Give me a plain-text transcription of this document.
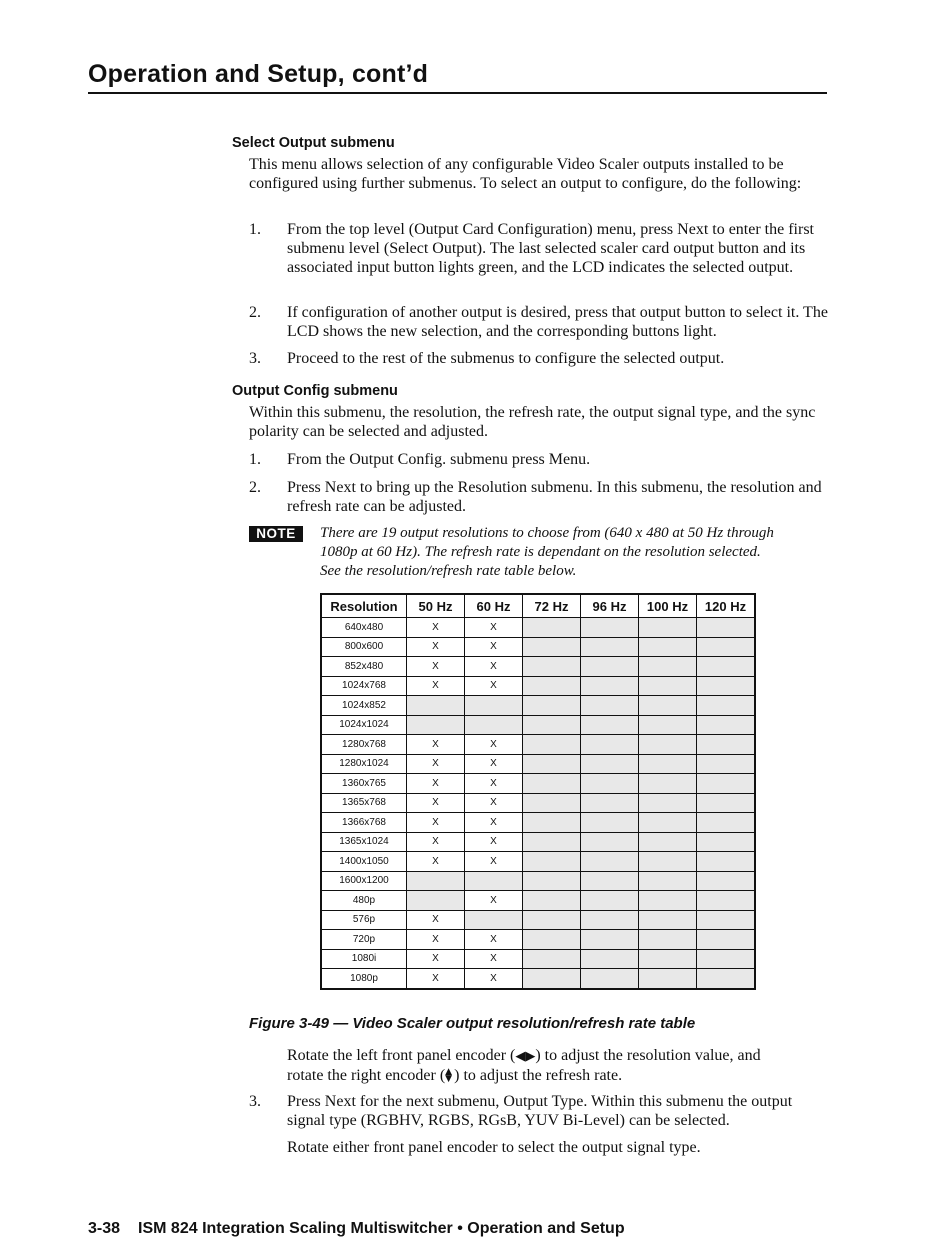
Operation and Setup, cont’d
Select Output submenu
This menu allows selection of any configurable Video Scaler outputs installed to be configured using further submenus. To select an output to configure, do the following:
1.	From the top level (Output Card Configuration) menu, press Next to enter the first submenu level (Select Output). The last selected scaler card output button and its associated input button lights green, and the LCD indicates the selected output.
2.	If configuration of another output is desired, press that output button to select it. The LCD shows the new selection, and the corresponding buttons light.
3.	Proceed to the rest of the submenus to configure the selected output.
Output Config submenu
Within this submenu, the resolution, the refresh rate, the output signal type, and the sync polarity can be selected and adjusted.
1.	From the Output Config. submenu press Menu.
2.	Press Next to bring up the Resolution submenu. In this submenu, the resolution and refresh rate can be adjusted.
NOTE	There are 19 output resolutions to choose from (640 x 480 at 50 Hz through
1080p at 60 Hz). The refresh rate is dependant on the resolution selected.
See the resolution/refresh rate table below.
Resolution	50 Hz	60 Hz	72 Hz	96 Hz	100 Hz	120 Hz
640x480	X	X				
800x600	X	X				
852x480	X	X				
1024x768	X	X				
1024x852						
1024x1024						
1280x768	X	X				
1280x1024	X	X				
1360x765	X	X				
1365x768	X	X				
1366x768	X	X				
1365x1024	X	X				
1400x1050	X	X				
1600x1200						
480p		X				
576p	X					
720p	X	X				
1080i	X	X				
1080p	X	X				
Figure 3-49 — Video Scaler output resolution/refresh rate table
Rotate the left front panel encoder (◀▶) to adjust the resolution value, and
rotate the right encoder (▲▼ ) to adjust the refresh rate.
3.	Press Next for the next submenu, Output Type. Within this submenu the output signal type (RGBHV, RGBS, RGsB, YUV Bi-Level) can be selected.
Rotate either front panel encoder to select the output signal type.
3-38 ISM 824 Integration Scaling Multiswitcher • Operation and Setup
